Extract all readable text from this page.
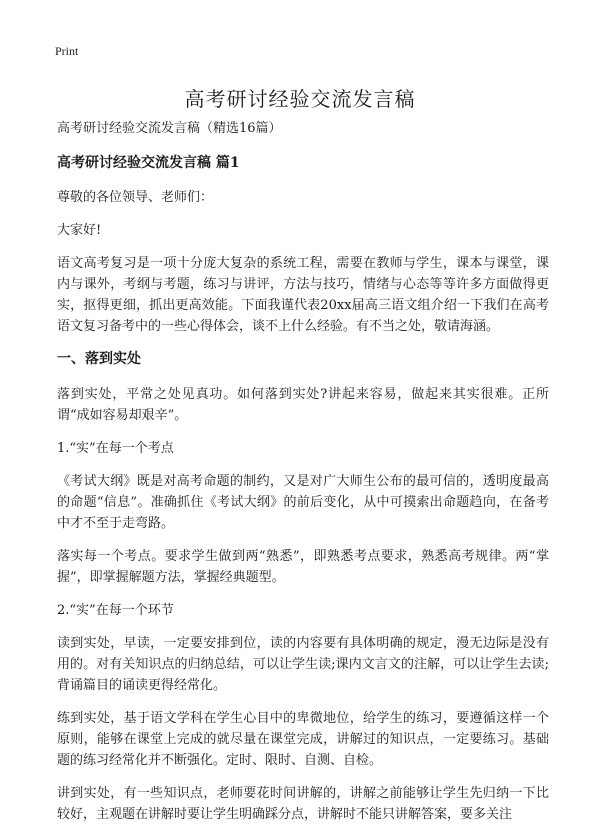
Print
高考研讨经验交流发言稿

高考研讨经验交流发言稿（精选16篇）

高考研讨经验交流发言稿 篇1

尊敬的各位领导、老师们：

大家好!

语文高考复习是一项十分庞大复杂的系统工程，需要在教师与学生，课本与课堂，课内与课外，考纲与考题，练习与讲评，方法与技巧，情绪与心态等等许多方面做得更实，抠得更细，抓出更高效能。下面我谨代表20xx届高三语文组介绍一下我们在高考语文复习备考中的一些心得体会，谈不上什么经验。有不当之处，敬请海涵。

一、落到实处

落到实处，平常之处见真功。如何落到实处?讲起来容易，做起来其实很难。正所谓“成如容易却艰辛”。

1.“实”在每一个考点

《考试大纲》既是对高考命题的制约，又是对广大师生公布的最可信的，透明度最高的命题“信息”。准确抓住《考试大纲》的前后变化，从中可摸索出命题趋向，在备考中才不至于走弯路。

落实每一个考点。要求学生做到两“熟悉”，即熟悉考点要求，熟悉高考规律。两“掌握”，即掌握解题方法，掌握经典题型。

2.“实”在每一个环节

读到实处，早读，一定要安排到位，读的内容要有具体明确的规定，漫无边际是没有用的。对有关知识点的归纳总结，可以让学生读;课内文言文的注解，可以让学生去读;背诵篇目的诵读更得经常化。

练到实处，基于语文学科在学生心目中的卑微地位，给学生的练习，要遵循这样一个原则，能够在课堂上完成的就尽量在课堂完成，讲解过的知识点，一定要练习。基础题的练习经常化并不断强化。定时、限时、自测、自检。

讲到实处，有一些知识点，老师要花时间讲解的，讲解之前能够让学生先归纳一下比较好，主观题在讲解时要让学生明确踩分点，讲解时不能只讲解答案，要多关注
